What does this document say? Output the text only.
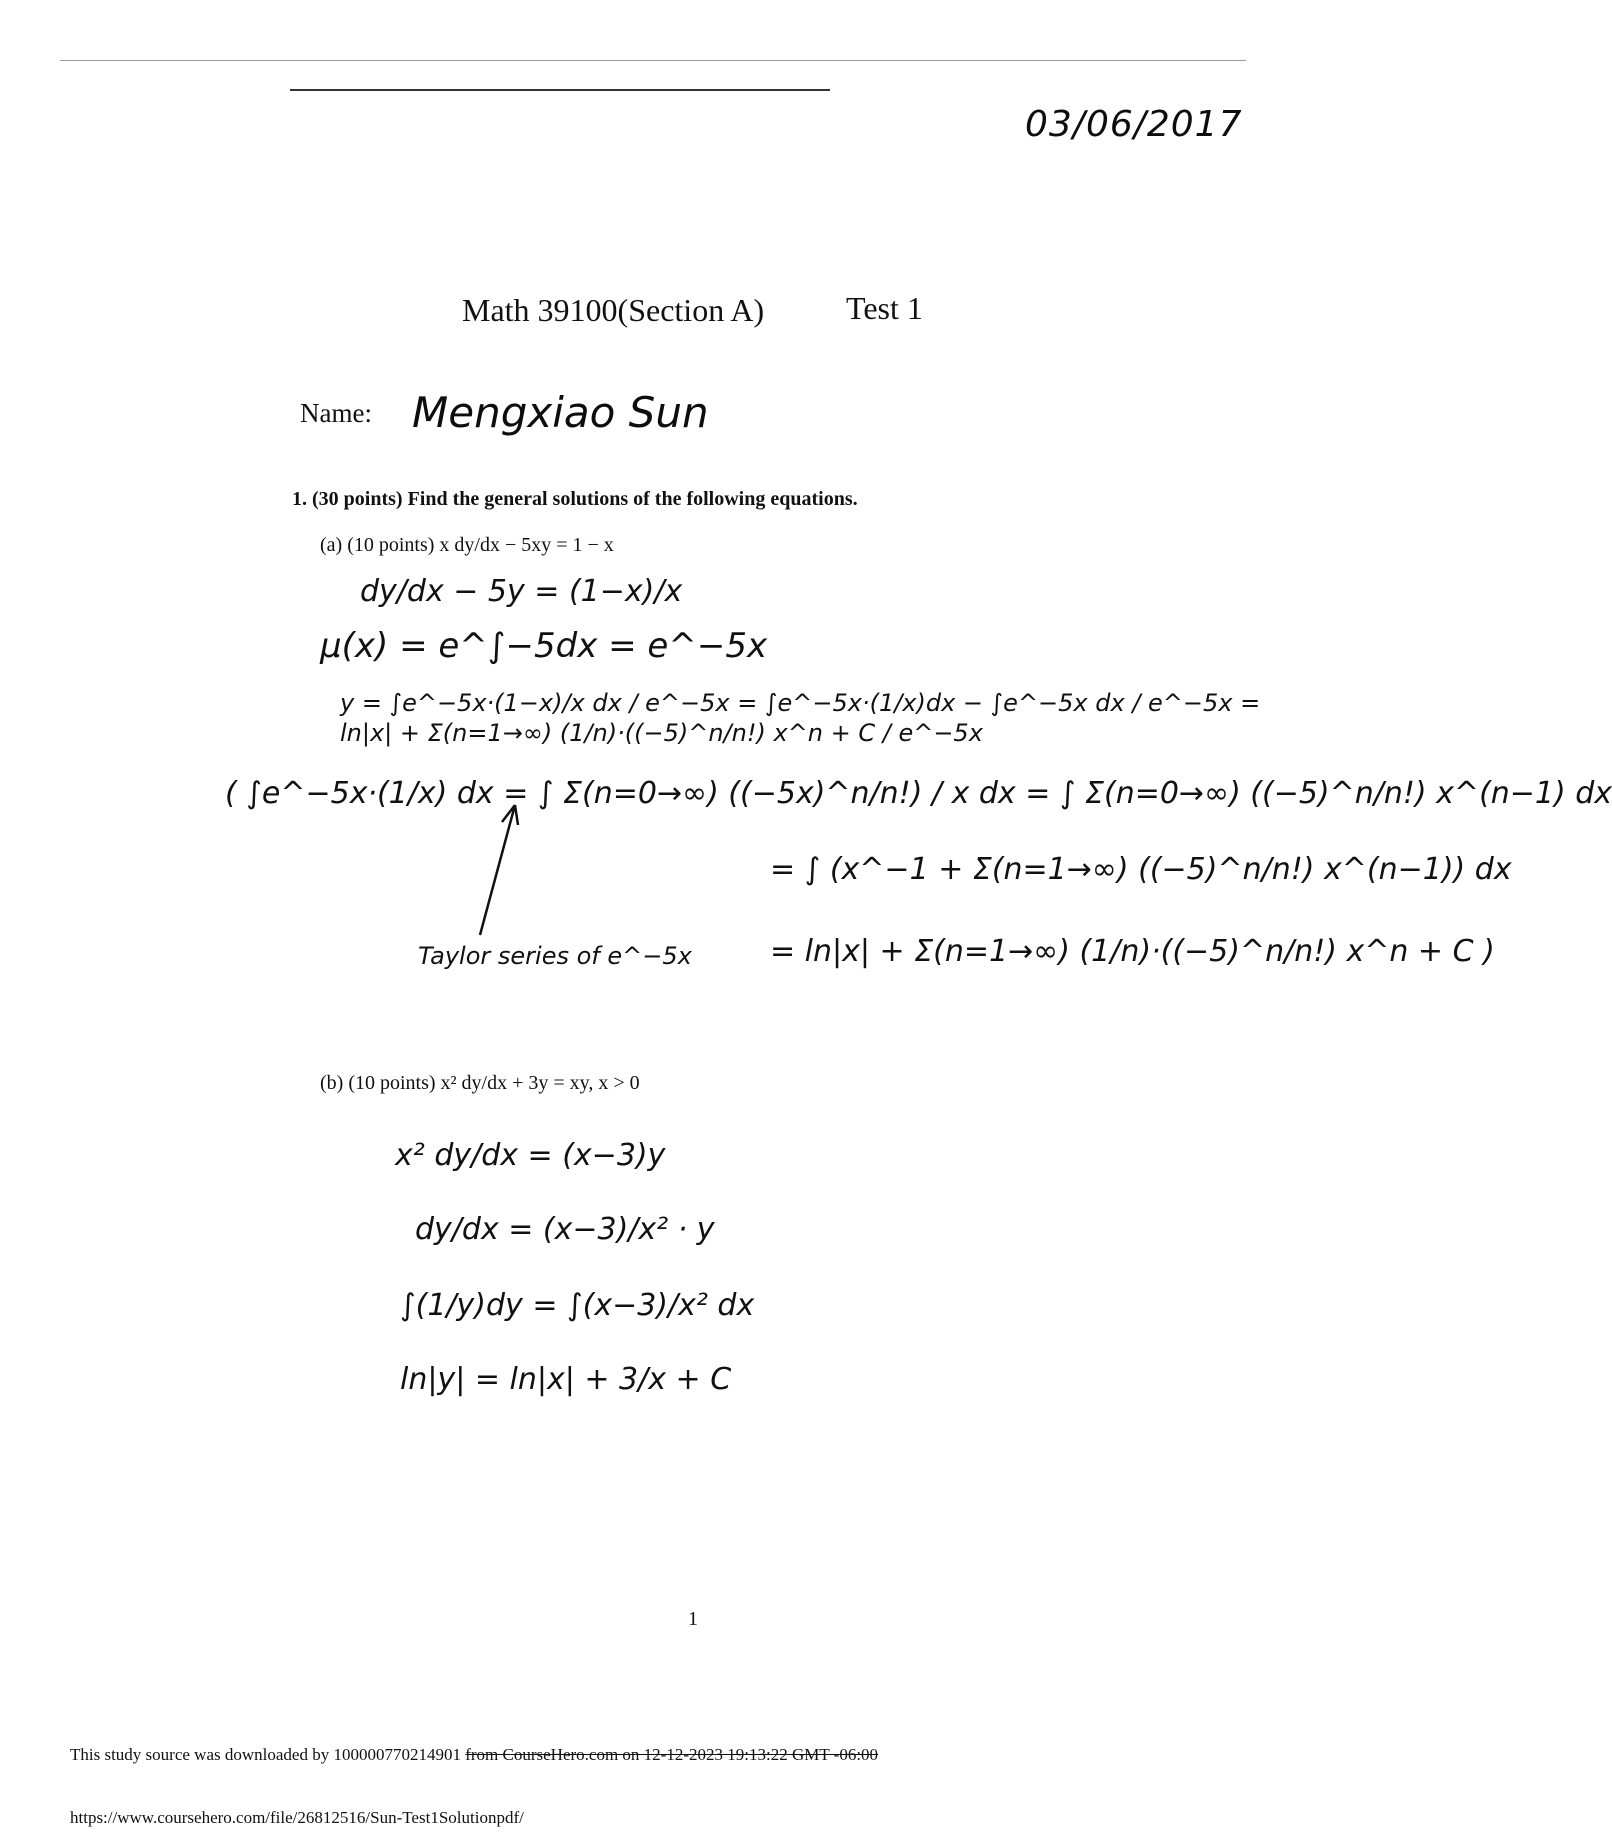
03/06/2017
Math 39100(Section A)	Test 1
Name: Mengxiao Sun
1. (30 points) Find the general solutions of the following equations.
(a) (10 points) x dy/dx − 5xy = 1 − x
dy/dx − 5y = (1−x)/x
μ(x) = e^∫−5dx = e^−5x
y = ∫e^−5x·(1−x)/x dx / e^−5x = ∫e^−5x·(1/x)dx − ∫e^−5x dx / e^−5x = ln|x| + Σ(n=1→∞) (1/n)·((−5)^n/n!) x^n + C / e^−5x
( ∫e^−5x·(1/x) dx = ∫ Σ(n=0→∞) ((−5x)^n/n!) / x dx = ∫ Σ(n=0→∞) ((−5)^n/n!) x^(n−1) dx
= ∫ (x^−1 + Σ(n=1→∞) ((−5)^n/n!) x^(n−1)) dx
= ln|x| + Σ(n=1→∞) (1/n)·((−5)^n/n!) x^n + C )
Taylor series of e^−5x
(b) (10 points) x² dy/dx + 3y = xy, x > 0
x² dy/dx = (x−3)y
dy/dx = (x−3)/x² · y
∫(1/y)dy = ∫(x−3)/x² dx
ln|y| = ln|x| + 3/x + C
1
This study source was downloaded by 100000770214901 from CourseHero.com on 12-12-2023 19:13:22 GMT -06:00
https://www.coursehero.com/file/26812516/Sun-Test1Solutionpdf/
